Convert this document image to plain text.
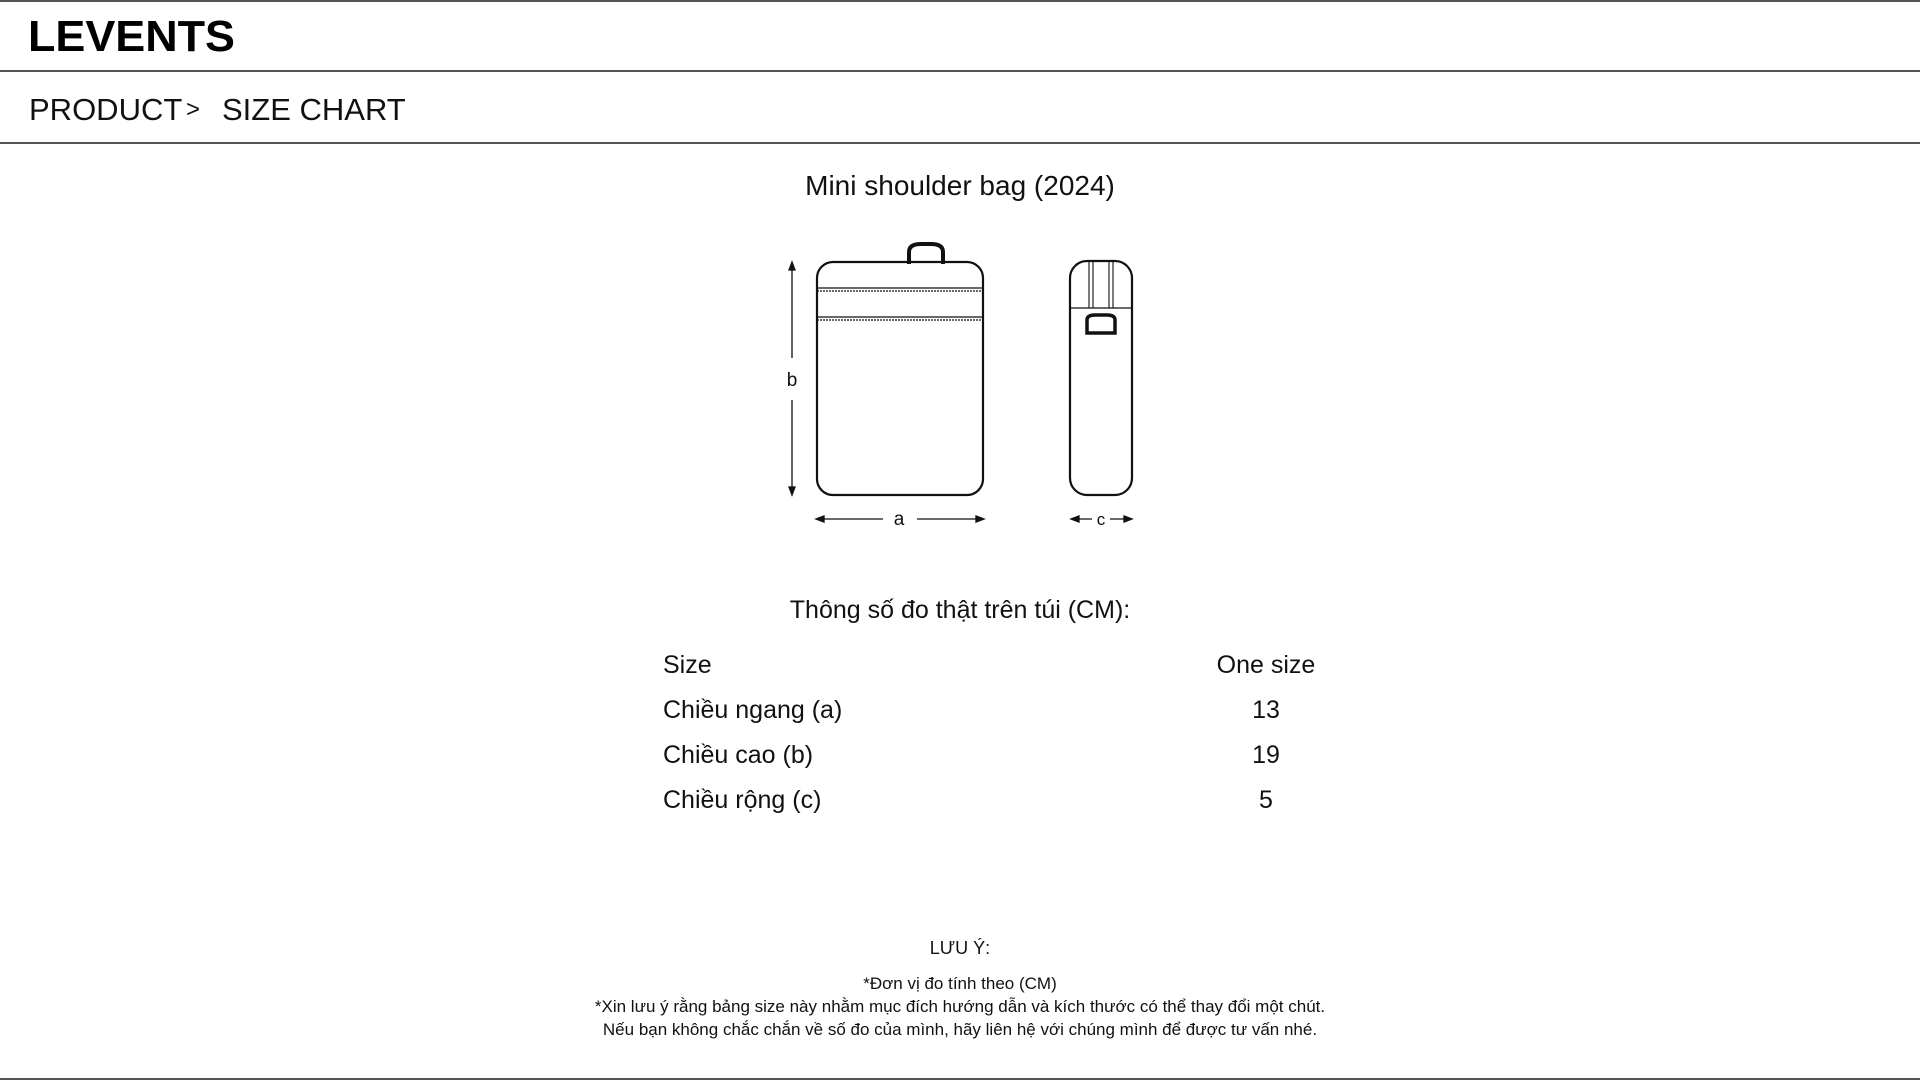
LEVENTS
PRODUCT > SIZE CHART
Mini shoulder bag (2024)
b
a	c
Thông số đo thật trên túi (CM):
Size	One size
Chiều ngang (a)	13
Chiều cao (b)	19
Chiều rộng (c)	5
LƯU Ý:
*Đơn vị đo tính theo (CM)
*Xin lưu ý rằng bảng size này nhằm mục đích hướng dẫn và kích thước có thể thay đổi một chút.
Nếu bạn không chắc chắn về số đo của mình, hãy liên hệ với chúng mình để được tư vấn nhé.
